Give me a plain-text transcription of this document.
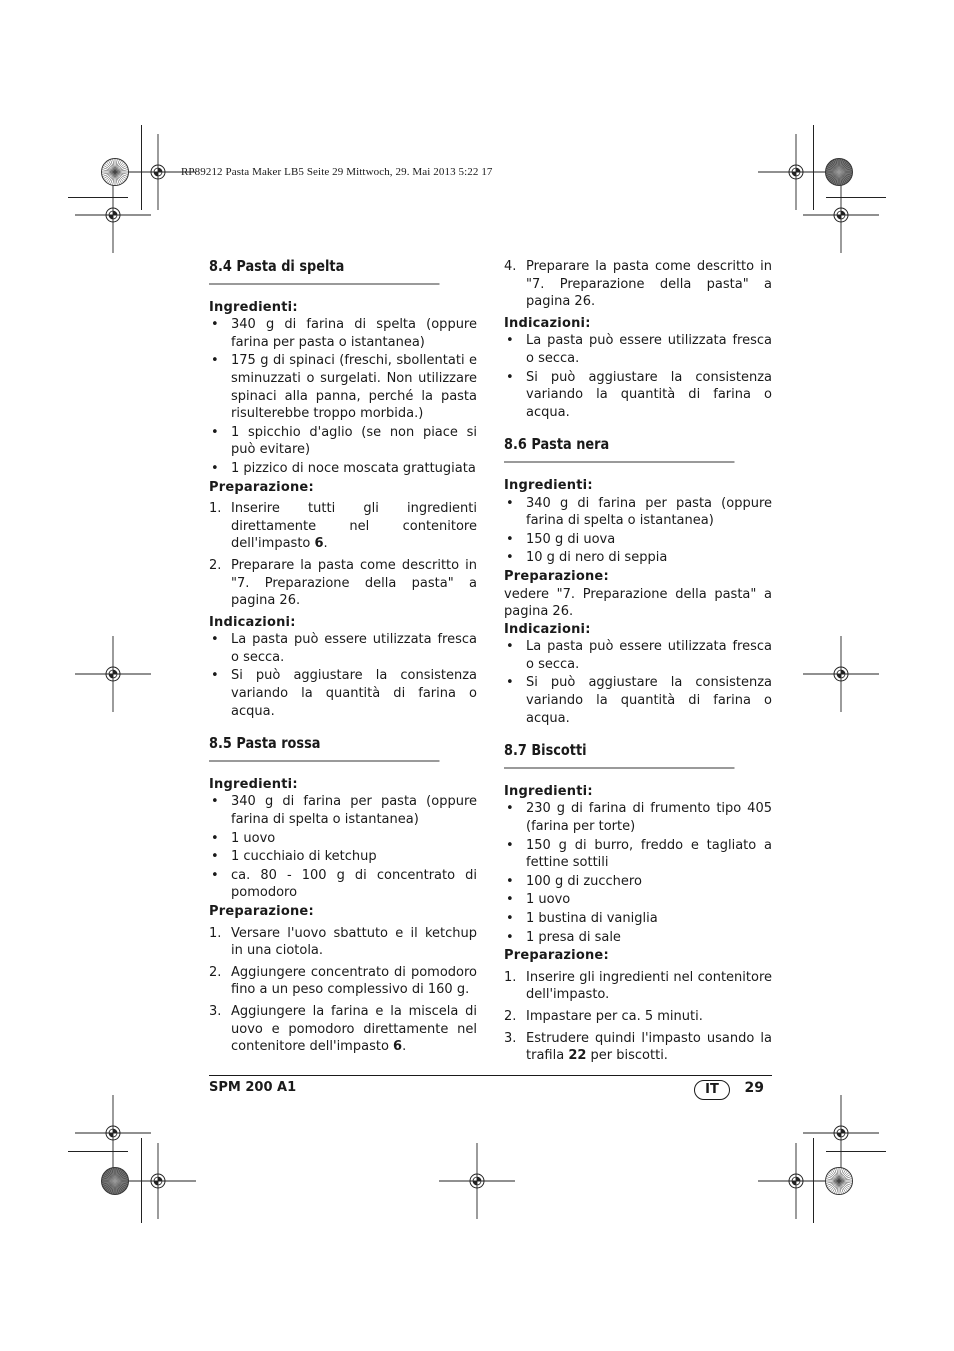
RP89212 Pasta Maker LB5 Seite 29 Mittwoch, 29. Mai 2013 5:22 17
8.4 Pasta di spelta

Ingredienti:

• 340 g di farina di spelta (oppure farina per pasta o istantanea)
• 175 g di spinaci (freschi, sbollentati e sminuzzati o surgelati. Non utilizzare spinaci alla panna, perché la pasta risulterebbe troppo morbida.)
• 1 spicchio d'aglio (se non piace si può evitare)
• 1 pizzico di noce moscata grattugiata

Preparazione:

1. Inserire tutti gli ingredienti direttamente nel contenitore dell'impasto 6.
2. Preparare la pasta come descritto in "7. Preparazione della pasta" a pagina 26.

Indicazioni:

• La pasta può essere utilizzata fresca o secca.
• Si può aggiustare la consistenza variando la quantità di farina o acqua.
8.5 Pasta rossa

Ingredienti:

• 340 g di farina per pasta (oppure farina di spelta o istantanea)
• 1 uovo
• 1 cucchiaio di ketchup
• ca. 80 - 100 g di concentrato di pomodoro

Preparazione:

1. Versare l'uovo sbattuto e il ketchup in una ciotola.
2. Aggiungere concentrato di pomodoro fino a un peso complessivo di 160 g.
3. Aggiungere la farina e la miscela di uovo e pomodoro direttamente nel contenitore dell'impasto 6.
4. Preparare la pasta come descritto in "7. Preparazione della pasta" a pagina 26.

Indicazioni:

• La pasta può essere utilizzata fresca o secca.
• Si può aggiustare la consistenza variando la quantità di farina o acqua.
8.6 Pasta nera

Ingredienti:

• 340 g di farina per pasta (oppure farina di spelta o istantanea)
• 150 g di uova
• 10 g di nero di seppia

Preparazione:

vedere "7. Preparazione della pasta" a pagina 26.

Indicazioni:

• La pasta può essere utilizzata fresca o secca.
• Si può aggiustare la consistenza variando la quantità di farina o acqua.
8.7 Biscotti

Ingredienti:

• 230 g di farina di frumento tipo 405 (farina per torte)
• 150 g di burro, freddo e tagliato a fettine sottili
• 100 g di zucchero
• 1 uovo
• 1 bustina di vaniglia
• 1 presa di sale

Preparazione:

1. Inserire gli ingredienti nel contenitore dell'impasto.
2. Impastare per ca. 5 minuti.
3. Estrudere quindi l'impasto usando la trafila 22 per biscotti.
SPM 200 A1	IT	29
